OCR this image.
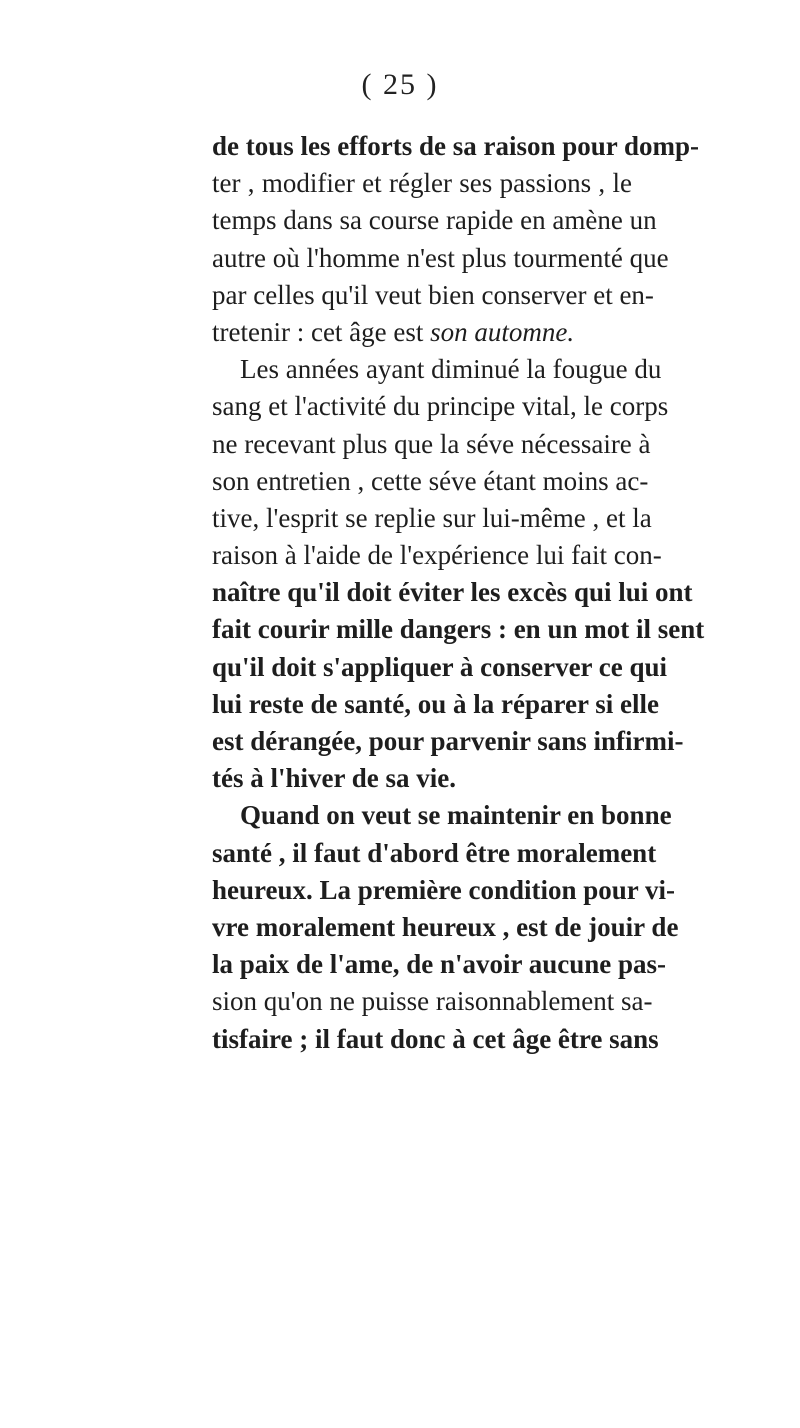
( 25 )
de tous les efforts de sa raison pour domp-
ter , modifier et régler ses passions , le
temps dans sa course rapide en amène un
autre où l'homme n'est plus tourmenté que
par celles qu'il veut bien conserver et en-
tretenir : cet âge est son automne.
Les années ayant diminué la fougue du
sang et l'activité du principe vital, le corps
ne recevant plus que la séve nécessaire à
son entretien , cette séve étant moins ac-
tive, l'esprit se replie sur lui-même , et la
raison à l'aide de l'expérience lui fait con-
naître qu'il doit éviter les excès qui lui ont
fait courir mille dangers : en un mot il sent
qu'il doit s'appliquer à conserver ce qui
lui reste de santé, ou à la réparer si elle
est dérangée, pour parvenir sans infirmi-
tés à l'hiver de sa vie.
Quand on veut se maintenir en bonne
santé , il faut d'abord être moralement
heureux. La première condition pour vi-
vre moralement heureux , est de jouir de
la paix de l'ame, de n'avoir aucune pas-
sion qu'on ne puisse raisonnablement sa-
tisfaire ; il faut donc à cet âge être sans
